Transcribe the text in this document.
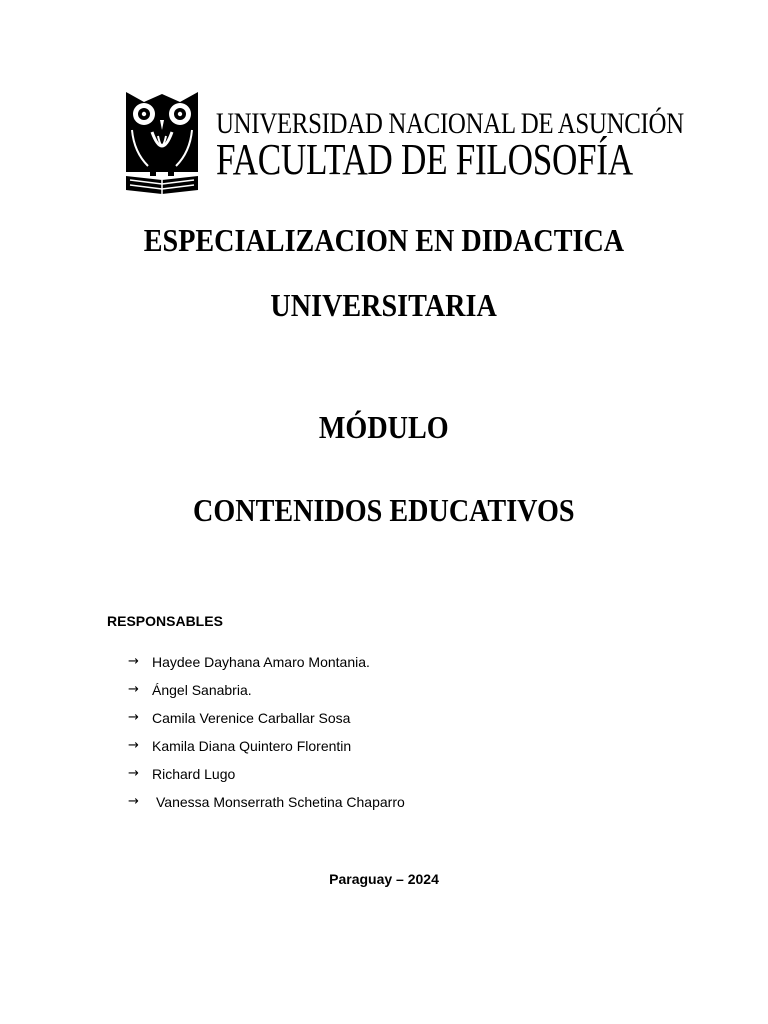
UNIVERSIDAD NACIONAL DE ASUNCIÓN
FACULTAD DE FILOSOFÍA
ESPECIALIZACION EN DIDACTICA
UNIVERSITARIA
MÓDULO
CONTENIDOS EDUCATIVOS
RESPONSABLES
→ Haydee Dayhana Amaro Montania.
→ Ángel Sanabria.
→ Camila Verenice Carballar Sosa
→ Kamila Diana Quintero Florentin
→ Richard Lugo
→	Vanessa Monserrath Schetina Chaparro
Paraguay – 2024
